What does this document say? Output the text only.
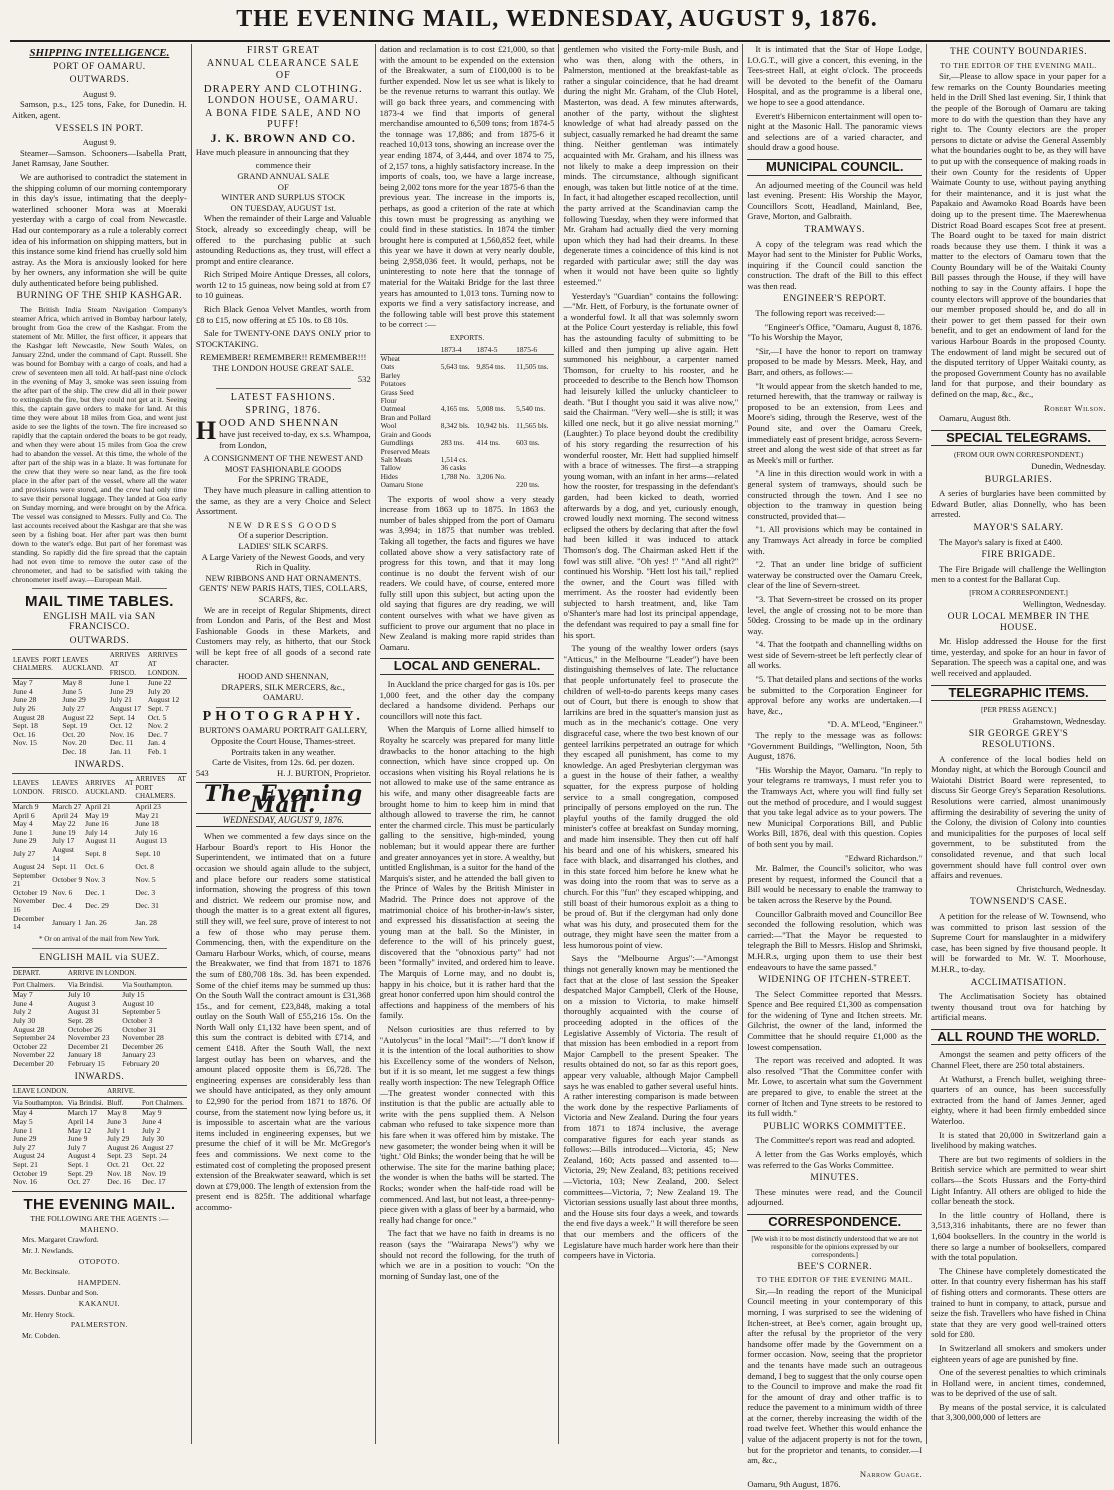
THE EVENING MAIL, WEDNESDAY, AUGUST 9, 1876.
SHIPPING INTELLIGENCE.
PORT OF OAMARU.
OUTWARDS.
August 9.

Samson, p.s., 125 tons, Fake, for Dunedin. H. Aitken, agent.

VESSELS IN PORT.
August 9.

Steamer—Samson. Schooners—Isabella Pratt, Janet Ramsay, Jane Souther.

We are authorised to contradict the statement in the shipping column of our morning contemporary in this day's issue, intimating that the deeply-waterlined schooner Mora was at Moeraki yesterday with a cargo of coal from Newcastle. Had our contemporary as a rule a tolerably correct idea of his information on shipping matters, but in this instance some kind friend has cruelly sold him astray. As the Mora is anxiously looked for here by her owners, any information she will be quite duly authenticated before being published.

BURNING OF THE SHIP KASHGAR.

The British India Steam Navigation Company's steamer Africa, which arrived in Bombay harbour lately, brought from Goa the crew of the Kashgar. From the statement of Mr. Miller, the first officer, it appears that the Kashgar left Newcastle, New South Wales, on January 22nd, under the command of Capt. Russell. She was bound for Bombay with a cargo of coals, and had a crew of seventeen men all told. At half-past nine o'clock in the evening of May 3, smoke was seen issuing from the after part of the ship. The crew did all in their power to extinguish the fire, but they could not get at it. Seeing this, the captain gave orders to make for land. At this time they were about 18 miles from Goa, and went just aside to see the lights of the town. The fire increased so rapidly that the captain ordered the boats to be got ready, and when they were about 15 miles from Goa the crew had to abandon the vessel. At this time, the whole of the after part of the ship was in a blaze. It was fortunate for the crew that they were so near land, as the fire took place in the after part of the vessel, where all the water and provisions were stored, and the crew had only time to save their personal luggage. They landed at Goa early on Sunday morning, and were brought on by the Africa. The vessel was consigned to Messrs. Fully and Co. The last accounts received about the Kashgar are that she was seen by a fishing boat. Her after part was then burnt down to the water's edge. But part of her foremast was standing. So rapidly did the fire spread that the captain had not even time to remove the outer case of the chronometer, and had to be satisfied with taking the chronometer itself away.—European Mail.

MAIL TIME TABLES.
ENGLISH MAIL via SAN FRANCISCO.
OUTWARDS.
LEAVES PORT CHALMERS.	LEAVES AUCKLAND.	ARRIVES AT FRISCO.	ARRIVES AT LONDON.
May 7	May 8	June 1	June 22
June 4	June 5	June 29	July 20
June 28	June 29	July 21	August 12
July 26	July 27	August 17	Sept. 7
August 28	August 22	Sept. 14	Oct. 5
Sept. 18	Sept. 19	Oct. 12	Nov. 2
Oct. 16	Oct. 20	Nov. 16	Dec. 7
Nov. 15	Nov. 20	Dec. 11	Jan. 4
	Dec. 18	Jan. 11	Feb. 1
INWARDS.
LEAVES LONDON.	LEAVES FRISCO.	ARRIVES AT AUCKLAND.	ARRIVES AT PORT CHALMERS.
March 9	March 27	April 21	April 23
April 6	April 24	May 19	May 21
May 4	May 22	June 16	June 18
June 1	June 19	July 14	July 16
June 29	July 17	August 11	August 13
July 27	August 14	Sept. 8	Sept. 10
August 24	Sept. 11	Oct. 6	Oct. 8
September 21	October 9	Nov. 3	Nov. 5
October 19	Nov. 6	Dec. 1	Dec. 3
November 16	Dec. 4	Dec. 29	Dec. 31
December 14	January 1	Jan. 26	Jan. 28
* Or on arrival of the mail from New York.
ENGLISH MAIL via SUEZ.
DEPART.	ARRIVE IN LONDON.	
Port Chalmers.	Via Brindisi.	Via Southampton.
May 7	July 10	July 15
June 4	August 3	August 10
July 2	August 31	September 5
July 30	Sept. 28	October 3
August 28	October 26	October 31
September 24	November 23	November 28
October 22	December 21	December 26
November 22	January 18	January 23
December 20	February 15	February 20
INWARDS.
LEAVE LONDON.		ARRIVE.	
Via Southampton.	Via Brindisi.	Bluff.	Port Chalmers.
May 4	March 17	May 8	May 9
May 5	April 14	June 3	June 4
June 1	May 12	July 1	July 2
June 29	June 9	July 29	July 30
July 27	July 7	August 26	August 27
August 24	August 4	Sept. 23	Sept. 24
Sept. 21	Sept. 1	Oct. 21	Oct. 22
October 19	Sept. 29	Nov. 18	Nov. 19
Nov. 16	Oct. 27	Dec. 16	Dec. 17
THE EVENING MAIL.
THE FOLLOWING ARE THE AGENTS :—
MAHENO.
Mrs. Margaret Crawford.
Mr. J. Newlands.
OTOPOTO.
Mr. Beckinsale.
HAMPDEN.
Messrs. Dunbar and Son.
KAKANUI.
Mr. Henry Stock.
PALMERSTON.
Mr. Cobden.
FIRST GREAT
ANNUAL CLEARANCE SALE
OF
DRAPERY AND CLOTHING.
LONDON HOUSE, OAMARU.
A BONA FIDE SALE, AND NO PUFF!
J. K. BROWN AND CO.

Have much pleasure in announcing that they

commence their
GRAND ANNUAL SALE
OF
WINTER AND SURPLUS STOCK
ON TUESDAY, AUGUST 1st.

When the remainder of their Large and Valuable Stock, already so exceedingly cheap, will be offered to the purchasing public at such astounding Reductions as, they trust, will effect a prompt and entire clearance.

Rich Striped Moire Antique Dresses, all colors, worth 12 to 15 guineas, now being sold at from £7 to 10 guineas.

Rich Black Genoa Velvet Mantles, worth from £8 to £15, now offering at £5 10s. to £8 10s.

Sale for TWENTY-ONE DAYS ONLY prior to STOCKTAKING.

REMEMBER! REMEMBER!! REMEMBER!!!
THE LONDON HOUSE GREAT SALE.
532
LATEST FASHIONS.
SPRING, 1876.
HOOD AND SHENNAN

have just received to-day, ex s.s. Whampoa, from London,

A CONSIGNMENT OF THE NEWEST AND MOST FASHIONABLE GOODS
For the SPRING TRADE,

They have much pleasure in calling attention to the same, as they are a very Choice and Select Assortment.

NEW DRESS GOODS
Of a superior Description.
LADIES' SILK SCARFS.
A Large Variety of the Newest Goods, and very Rich in Quality.
NEW RIBBONS AND HAT ORNAMENTS.
GENTS' NEW PARIS HATS, TIES, COLLARS, SCARFS, &c.

We are in receipt of Regular Shipments, direct from London and Paris, of the Best and Most Fashionable Goods in these Markets, and Customers may rely, as hitherto, that our Stock will be kept free of all goods of a second rate character.

HOOD AND SHENNAN,
DRAPERS, SILK MERCERS, &c.,
OAMARU.
PHOTOGRAPHY.
BURTON'S OAMARU PORTRAIT GALLERY,
Opposite the Court House, Thames-street.
Portraits taken in any weather.
Carte de Visites, from 12s. 6d. per dozen.
543	H. J. BURTON, Proprietor.
The Evening Mail.
WEDNESDAY, AUGUST 9, 1876.

When we commented a few days since on the Harbour Board's report to His Honor the Superintendent, we intimated that on a future occasion we should again allude to the subject, and place before our readers some statistical information, showing the progress of this town and district. We redeem our promise now, and though the matter is to a great extent all figures, still they will, we feel sure, prove of interest to not a few of those who may peruse them. Commencing, then, with the expenditure on the Oamaru Harbour Works, which, of course, means the Breakwater, we find that from 1871 to 1876 the sum of £80,708 18s. 3d. has been expended. Some of the chief items may be summed up thus: On the South Wall the contract amount is £31,368 15s., and for cement, £23,848, making a total outlay on the South Wall of £55,216 15s. On the North Wall only £1,132 have been spent, and of this sum the contract is debited with £714, and cement £418. After the South Wall, the next largest outlay has been on wharves, and the amount placed opposite them is £6,728. The engineering expenses are considerably less than we should have anticipated, as they only amount to £2,990 for the period from 1871 to 1876. Of course, from the statement now lying before us, it is impossible to ascertain what are the various items included in engineering expenses, but we presume the chief of it will be Mr. McGregor's fees and commissions. We next come to the estimated cost of completing the proposed present extension of the Breakwater seaward, which is set down at £79,000. The length of extension from the present end is 825ft. The additional wharfage accommo-

dation and reclamation is to cost £21,000, so that with the amount to be expended on the extension of the Breakwater, a sum of £100,000 is to be further expended. Now let us see what is likely to be the revenue returns to warrant this outlay. We will go back three years, and commencing with 1873-4 we find that imports of general merchandise amounted to 6,509 tons; from 1874-5 the tonnage was 17,886; and from 1875-6 it reached 10,013 tons, showing an increase over the year ending 1874, of 3,444, and over 1874 to 75, of 2,157 tons, a highly satisfactory increase. In the imports of coals, too, we have a large increase, being 2,002 tons more for the year 1875-6 than the previous year. The increase in the imports is, perhaps, as good a criterion of the rate at which this town must be progressing as anything we could find in these statistics. In 1874 the timber brought here is computed at 1,560,852 feet, while this year we have it down at very nearly double, being 2,958,036 feet. It would, perhaps, not be uninteresting to note here that the tonnage of material for the Waitaki Bridge for the last three years has amounted to 1,013 tons. Turning now to exports we find a very satisfactory increase, and the following table will best prove this statement to be correct :—

EXPORTS.
	1873-4	1874-5	1875-6
Wheat			
Oats	5,643 tns.	9,854 tns.	11,505 tns.
Barley			
Potatoes			
Grass Seed			
Flour			
Oatmeal	4,165 tns.	5,008 tns.	5,540 tns.
Bran and Pollard			
Wool	8,342 bls.	10,942 bls.	11,565 bls.
Grain and Goods			
Gumdlings	283 tns.	414 tns.	603 tns.
Preserved Meats			
Salt Meats	1,514 cs.		
Tallow	36 casks		
Hides	1,788 No.	3,206 No.	
Oamaru Stone			220 tns.

The exports of wool show a very steady increase from 1863 up to 1875. In 1863 the number of bales shipped from the port of Oamaru was 3,994; in 1875 that number was trebled. Taking all together, the facts and figures we have collated above show a very satisfactory rate of progress for this town, and that it may long continue is no doubt the fervent wish of our readers. We could have, of course, entered more fully still upon this subject, but acting upon the old saying that figures are dry reading, we will content ourselves with what we have given as sufficient to prove our argument that no place in New Zealand is making more rapid strides than Oamaru.

LOCAL AND GENERAL.

In Auckland the price charged for gas is 10s. per 1,000 feet, and the other day the company declared a handsome dividend. Perhaps our councillors will note this fact.

When the Marquis of Lorne allied himself to Royalty he scarcely was prepared for many little drawbacks to the honor attaching to the high connection, which have since cropped up. On occasions when visiting his Royal relations he is not allowed to make use of the same entrance as his wife, and many other disagreeable facts are brought home to him to keep him in mind that although allowed to traverse the rim, he cannot enter the charmed circle. This must be particularly galling to the sensitive, high-minded, young nobleman; but it would appear there are further and greater annoyances yet in store. A wealthy, but untitled Englishman, is a suitor for the hand of the Marquis's sister, and he attended the ball given to the Prince of Wales by the British Minister in Madrid. The Prince does not approve of the matrimonial choice of his brother-in-law's sister, and expressed his dissatisfaction at seeing the young man at the ball. So the Minister, in deference to the will of his princely guest, discovered that the "obnoxious party" had not been "formally" invited, and ordered him to leave. The Marquis of Lorne may, and no doubt is, happy in his choice, but it is rather hard that the great honor conferred upon him should control the affections and happiness of the members of his family.

Nelson curiosities are thus referred to by "Autolycus" in the local "Mail":—"I don't know if it is the intention of the local authorities to show his Excellency some of the wonders of Nelson, but if it is so meant, let me suggest a few things really worth inspection: The new Telegraph Office—The greatest wonder connected with this institution is that the public are actually able to write with the pens supplied them. A Nelson cabman who refused to take sixpence more than his fare when it was offered him by mistake. The new gasometer; the wonder being when it will be 'tight.' Old Binks; the wonder being that he will be otherwise. The site for the marine bathing place; the wonder is when the baths will be started. The Rocks; wonder when the half-tide road will be commenced. And last, but not least, a three-penny-piece given with a glass of beer by a barmaid, who really had change for once."

The fact that we have no faith in dreams is no reason (says the "Wairarapa News") why we should not record the following, for the truth of which we are in a position to vouch: "On the morning of Sunday last, one of the

gentlemen who visited the Forty-mile Bush, and who was then, along with the others, in Palmerston, mentioned at the breakfast-table as rather a singular coincidence, that he had dreamt during the night Mr. Graham, of the Club Hotel, Masterton, was dead. A few minutes afterwards, another of the party, without the slightest knowledge of what had already passed on the subject, casually remarked he had dreamt the same thing. Neither gentleman was intimately acquainted with Mr. Graham, and his illness was not likely to make a deep impression on their minds. The circumstance, although significant enough, was taken but little notice of at the time. In fact, it had altogether escaped recollection, until the party arrived at the Scandinavian camp the following Tuesday, when they were informed that Mr. Graham had actually died the very morning upon which they had had their dreams. In these degenerate times a coincidence of this kind is not regarded with particular awe; still the day was when it would not have been quite so lightly esteemed."

Yesterday's "Guardian" contains the following:—"Mr. Hett, of Forbury, is the fortunate owner of a wonderful fowl. It all that was solemnly sworn at the Police Court yesterday is reliable, this fowl has the astounding faculty of submitting to be killed and then jumping up alive again. Hett summoned his neighbour, a carpenter named Thomson, for cruelty to his rooster, and he proceeded to describe to the Bench how Thomson had leisurely killed the unlucky chanticleer to death. "But I thought you said it was alive now," said the Chairman. "Very well—she is still; it was killed one neck, but it go alive nessiat morning." (Laughter.) To place beyond doubt the credibility of his story regarding the resurrection of his wonderful rooster, Mr. Hett had supplied himself with a brace of witnesses. The first—a strapping young woman, with an infant in her arms—related how the rooster, for trespassing in the defendant's garden, had been kicked to death, worried afterwards by a dog, and yet, curiously enough, crowed loudly next morning. The second witness eclipsed the others by declaring that after the fowl had been killed it was induced to attack Thomson's dog. The Chairman asked Hett if the fowl was still alive. "Oh yes! !" "And all right?" continued his Worship. "Hett lost his tail," replied the owner, and the Court was filled with merriment. As the rooster had evidently been subjected to harsh treatment, and, like Tam o'Shanter's mare had lost its principal appendage, the defendant was required to pay a small fine for his sport.

The young of the wealthy lower orders (says "Atticus," in the Melbourne "Leader") have been distinguishing themselves of late. The reluctance that people unfortunately feel to prosecute the children of well-to-do parents keeps many cases out of Court, but there is enough to show that larrikins are bred in the squatter's mansion just as much as in the mechanic's cottage. One very disgraceful case, where the two best known of our genteel larrikins perpetrated an outrage for which they escaped all punishment, has come to my knowledge. An aged Presbyterian clergyman was a guest in the house of their father, a wealthy squatter, for the express purpose of holding service to a small congregation, composed principally of persons employed on the run. The playful youths of the family drugged the old minister's coffee at breakfast on Sunday morning, and made him insensible. They then cut off half his beard and one of his whiskers, smeared his face with black, and disarranged his clothes, and in this state forced him before he knew what he was doing into the room that was to serve as a church. For this "fun" they escaped whipping, and still boast of their humorous exploit as a thing to be proud of. But if the clergyman had only done what was his duty, and prosecuted them for the outrage, they might have seen the matter from a less humorous point of view.

Says the "Melbourne Argus":—"Amongst things not generally known may be mentioned the fact that at the close of last session the Speaker despatched Major Campbell, Clerk of the House, on a mission to Victoria, to make himself thoroughly acquainted with the course of proceeding adopted in the offices of the Legislative Assembly of Victoria. The result of that mission has been embodied in a report from Major Campbell to the present Speaker. The results obtained do not, so far as this report goes, appear very valuable, although Major Campbell says he was enabled to gather several useful hints. A rather interesting comparison is made between the work done by the respective Parliaments of Victoria and New Zealand. During the four years from 1871 to 1874 inclusive, the average comparative figures for each year stands as follows:—Bills introduced—Victoria, 45; New Zealand, 160; Acts passed and assented to—Victoria, 29; New Zealand, 83; petitions received—Victoria, 103; New Zealand, 200. Select committees—Victoria, 7; New Zealand 19. The Victorian sessions usually last about three months, and the House sits four days a week, and towards the end five days a week." It will therefore be seen that our members and the officers of the Legislature have much harder work here than their compeers have in Victoria.

It is intimated that the Star of Hope Lodge, I.O.G.T., will give a concert, this evening, in the Tees-street Hall, at eight o'clock. The proceeds will be devoted to the benefit of the Oamaru Hospital, and as the programme is a liberal one, we hope to see a good attendance.

Everett's Hibernicon entertainment will open to-night at the Masonic Hall. The panoramic views and selections are of a varied character, and should draw a good house.

MUNICIPAL COUNCIL.

An adjourned meeting of the Council was held last evening. Present: His Worship the Mayor, Councillors Scott, Headland, Mainland, Bee, Grave, Morton, and Galbraith.

TRAMWAYS.

A copy of the telegram was read which the Mayor had sent to the Minister for Public Works, inquiring if the Council could sanction the construction. The draft of the Bill to this effect was then read.

ENGINEER'S REPORT.

The following report was received:—

"Engineer's Office, "Oamaru, August 8, 1876.

"To his Worship the Mayor,

"Sir,—I have the honor to report on tramway proposed to be made by Messrs. Meek, Hay, and Barr, and others, as follows:—

"It would appear from the sketch handed to me, returned herewith, that the tramway or railway is proposed to be an extension, from Lees and Moore's siding, through the Reserve, west of the Pound site, and over the Oamaru Creek, immediately east of present bridge, across Severn-street and along the west side of that street as far as Meek's mill or further.

"A line in this direction would work in with a general system of tramways, should such be constructed through the town. And I see no objection to the tramway in question being constructed, provided that—

"1. All provisions which may be contained in any Tramways Act already in force be complied with.

"2. That an under line bridge of sufficient waterway be constructed over the Oamaru Creek, clear of the line of Severn-street.

"3. That Severn-street be crossed on its proper level, the angle of crossing not to be more than 50deg. Crossing to be made up in the ordinary way.

"4. That the footpath and channelling widths on west side of Severn-street be left perfectly clear of all works.

"5. That detailed plans and sections of the works be submitted to the Corporation Engineer for approval before any works are undertaken.—I have, &c.,

"D. A. M'Leod, "Engineer."

The reply to the message was as follows: "Government Buildings, "Wellington, Noon, 5th August, 1876.

"His Worship the Mayor, Oamaru. "In reply to your telegrams re tramways, I must refer you to the Tramways Act, where you will find fully set out the method of procedure, and I would suggest that you take legal advice as to your powers. The new Municipal Corporations Bill, and Public Works Bill, 1876, deal with this question. Copies of both sent you by mail.

"Edward Richardson."

Mr. Balmer, the Council's solicitor, who was present by request, informed the Council that a Bill would be necessary to enable the tramway to be taken across the Reserve by the Pound.

Councillor Galbraith moved and Councillor Bee seconded the following resolution, which was carried:—"That the Mayor be requested to telegraph the Bill to Messrs. Hislop and Shrimski, M.H.R.s, urging upon them to use their best endeavours to have the same passed."

WIDENING OF ITCHEN-STREET.

The Select Committee reported that Messrs. Spence and Bee required £1,300 as compensation for the widening of Tyne and Itchen streets. Mr. Gilchrist, the owner of the land, informed the Committee that he should require £1,000 as the lowest compensation.

The report was received and adopted. It was also resolved "That the Committee confer with Mr. Lowe, to ascertain what sum the Government are prepared to give, to enable the street at the corner of Itchen and Tyne streets to be restored to its full width."

PUBLIC WORKS COMMITTEE.

The Committee's report was read and adopted.

A letter from the Gas Works employés, which was referred to the Gas Works Committee.

MINUTES.

These minutes were read, and the Council adjourned.

CORRESPONDENCE.
[We wish it to be most distinctly understood that we are not responsible for the opinions expressed by our correspondents.]
BEE'S CORNER.
TO THE EDITOR OF THE EVENING MAIL.

Sir,—In reading the report of the Municipal Council meeting in your contemporary of this morning, I was surprised to see the widening of Itchen-street, at Bee's corner, again brought up, after the refusal by the proprietor of the very handsome offer made by the Government on a former occasion. Now, seeing that the proprietor and the tenants have made such an outrageous demand, I beg to suggest that the only course open to the Council to improve and make the road fit for the amount of dray and other traffic is to reduce the pavement to a minimum width of three at the corner, thereby increasing the width of the road twelve feet. Whether this would enhance the value of the adjacent property is not for the town, but for the proprietor and tenants, to consider.—I am, &c.,

Narrow Guage.

Oamaru, 9th August, 1876.

THE COUNTY BOUNDARIES.
TO THE EDITOR OF THE EVENING MAIL.

Sir,—Please to allow space in your paper for a few remarks on the County Boundaries meeting held in the Drill Shed last evening. Sir, I think that the people of the Borough of Oamaru are taking more to do with the question than they have any right to. The County electors are the proper persons to dictate or advise the General Assembly what the boundaries ought to be, as they will have to put up with the consequence of making roads in their own County for the residents of Upper Waimate County to use, without paying anything for their maintenance, and it is just what the Papakaio and Awamoko Road Boards have been doing up to the present time. The Maerewhenua District Road Board escapes Scot free at present. The Board ought to be taxed for main district roads because they use them. I think it was a matter to the electors of Oamaru town that the County Boundary will be of the Waitaki County Bill passes through the House, if they will have nothing to say in the County affairs. I hope the county electors will approve of the boundaries that our member proposed should be, and do all in their power to get them passed for their own benefit, and to get an endowment of land for the various Harbour Boards in the proposed County. The endowment of land might be secured out of the disputed territory of Upper Waitaki county, as the proposed Government County has no available land for that purpose, and their boundary as defined on the map, &c., &c.,

Robert Wilson.

Oamaru, August 8th.

SPECIAL TELEGRAMS.
(FROM OUR OWN CORRESPONDENT.)
Dunedin, Wednesday.
BURGLARIES.

A series of burglaries have been committed by Edward Butler, alias Donnelly, who has been arrested.

MAYOR'S SALARY.

The Mayor's salary is fixed at £400.

FIRE BRIGADE.

The Fire Brigade will challenge the Wellington men to a contest for the Ballarat Cup.

[FROM A CORRESPONDENT.]
Wellington, Wednesday.
OUR LOCAL MEMBER IN THE HOUSE.

Mr. Hislop addressed the House for the first time, yesterday, and spoke for an hour in favor of Separation. The speech was a capital one, and was well received and applauded.

TELEGRAPHIC ITEMS.
[PER PRESS AGENCY.]
Grahamstown, Wednesday.
SIR GEORGE GREY'S RESOLUTIONS.

A conference of the local bodies held on Monday night, at which the Borough Council and Waiotahi District Board were represented, to discuss Sir George Grey's Separation Resolutions. Resolutions were carried, almost unanimously affirming the desirability of severing the unity of the Colony, the division of Colony into counties and municipalities for the purposes of local self government, to be substituted from the consolidated revenue, and that such local government should have full control over own affairs and revenues.

Christchurch, Wednesday.
TOWNSEND'S CASE.

A petition for the release of W. Townsend, who was committed to prison last session of the Supreme Court for manslaughter in a midwifery case, has been signed by five thousand people. It will be forwarded to Mr. W. T. Moorhouse, M.H.R., to-day.

ACCLIMATISATION.

The Acclimatisation Society has obtained twenty thousand trout ova for hatching by artificial means.

ALL ROUND THE WORLD.

Amongst the seamen and petty officers of the Channel Fleet, there are 250 total abstainers.

At Wathurst, a French bullet, weighing three-quarters of an ounce, has been successfully extracted from the hand of James Jenner, aged eighty, where it had been firmly embedded since Waterloo.

It is stated that 20,000 in Switzerland gain a livelihood by making watches.

There are but two regiments of soldiers in the British service which are permitted to wear shirt collars—the Scots Hussars and the Forty-third Light Infantry. All others are obliged to hide the collar beneath the stock.

In the little country of Holland, there is 3,513,316 inhabitants, there are no fewer than 1,604 booksellers. In the country in the world is there so large a number of booksellers, compared with the total population.

The Chinese have completely domesticated the otter. In that country every fisherman has his staff of fishing otters and cormorants. These otters are trained to hunt in company, to attack, pursue and seize the fish. Travellers who have fished in China state that they are very good well-trained otters sold for £80.

In Switzerland all smokers and smokers under eighteen years of age are punished by fine.

One of the severest penalties to which criminals in Holland were, in ancient times, condemned, was to be deprived of the use of salt.

By means of the postal service, it is calculated that 3,300,000,000 of letters are
